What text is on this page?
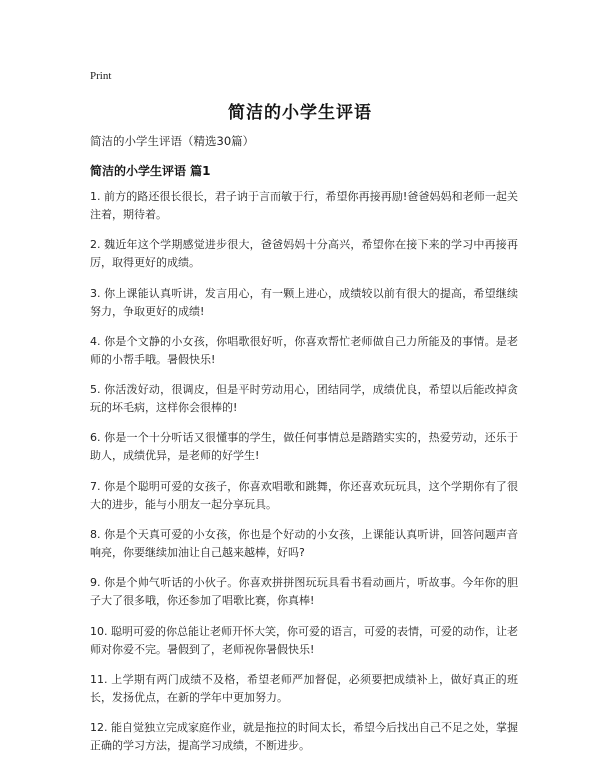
Print
简洁的小学生评语
简洁的小学生评语（精选30篇）
简洁的小学生评语 篇1
1. 前方的路还很长很长，君子讷于言而敏于行，希望你再接再励!爸爸妈妈和老师一起关注着，期待着。
2. 魏近年这个学期感觉进步很大，爸爸妈妈十分高兴，希望你在接下来的学习中再接再厉，取得更好的成绩。
3. 你上课能认真听讲，发言用心，有一颗上进心，成绩较以前有很大的提高，希望继续努力，争取更好的成绩!
4. 你是个文静的小女孩，你唱歌很好听，你喜欢帮忙老师做自己力所能及的事情。是老师的小帮手哦。暑假快乐!
5. 你活泼好动，很调皮，但是平时劳动用心，团结同学，成绩优良，希望以后能改掉贪玩的坏毛病，这样你会很棒的!
6. 你是一个十分听话又很懂事的学生，做任何事情总是踏踏实实的，热爱劳动，还乐于助人，成绩优异，是老师的好学生!
7. 你是个聪明可爱的女孩子，你喜欢唱歌和跳舞，你还喜欢玩玩具，这个学期你有了很大的进步，能与小朋友一起分享玩具。
8. 你是个天真可爱的小女孩，你也是个好动的小女孩，上课能认真听讲，回答问题声音响亮，你要继续加油让自己越来越棒，好吗?
9. 你是个帅气听话的小伙子。你喜欢拼拼图玩玩具看书看动画片，听故事。今年你的胆子大了很多哦，你还参加了唱歌比赛，你真棒!
10. 聪明可爱的你总能让老师开怀大笑，你可爱的语言，可爱的表情，可爱的动作，让老师对你爱不完。暑假到了，老师祝你暑假快乐!
11. 上学期有两门成绩不及格，希望老师严加督促，必须要把成绩补上，做好真正的班长，发扬优点，在新的学年中更加努力。
12. 能自觉独立完成家庭作业，就是拖拉的时间太长，希望今后找出自己不足之处，掌握正确的学习方法，提高学习成绩，不断进步。
